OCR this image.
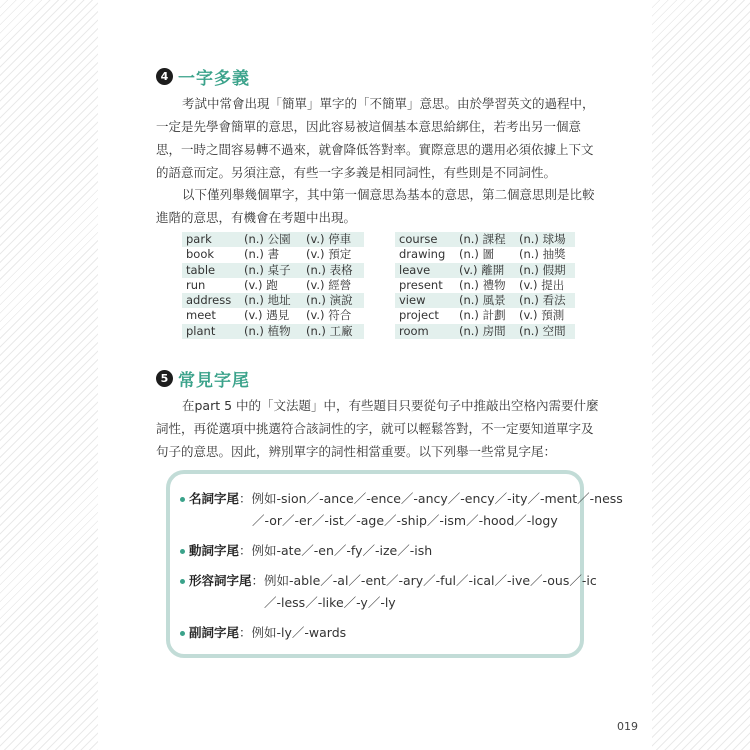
4 一字多義
考試中常會出現「簡單」單字的「不簡單」意思。由於學習英文的過程中，
一定是先學會簡單的意思，因此容易被這個基本意思給綁住，若考出另一個意
思，一時之間容易轉不過來，就會降低答對率。實際意思的選用必須依據上下文
的語意而定。另須注意，有些一字多義是相同詞性，有些則是不同詞性。
以下僅列舉幾個單字，其中第一個意思為基本的意思，第二個意思則是比較
進階的意思，有機會在考題中出現。
park	(n.) 公園 (v.) 停車
book	(n.) 書 (v.) 預定
table	(n.) 桌子 (n.) 表格
run	(v.) 跑 (v.) 經營
address (n.) 地址 (n.) 演說
meet (v.) 遇見 (v.) 符合
plant (n.) 植物 (n.) 工廠
course (n.) 課程 (n.) 球場
drawing (n.) 圖 (n.) 抽獎
leave	(v.) 離開 (n.) 假期
present (n.) 禮物 (v.) 提出
view	(n.) 風景 (n.) 看法
project (n.) 計劃 (v.) 預測
room	(n.) 房間 (n.) 空間
5 常見字尾
在part 5 中的「文法題」中，有些題目只要從句子中推敲出空格內需要什麼
詞性，再從選項中挑選符合該詞性的字，就可以輕鬆答對，不一定要知道單字及
句子的意思。因此，辨別單字的詞性相當重要。以下列舉一些常見字尾：
名詞字尾：例如-sion／-ance／-ence／-ancy／-ency／-ity／-ment／-ness
／-or／-er／-ist／-age／-ship／-ism／-hood／-logy
動詞字尾：例如-ate／-en／-fy／-ize／-ish
形容詞字尾：例如-able／-al／-ent／-ary／-ful／-ical／-ive／-ous／-ic
／-less／-like／-y／-ly
副詞字尾：例如-ly／-wards
019
